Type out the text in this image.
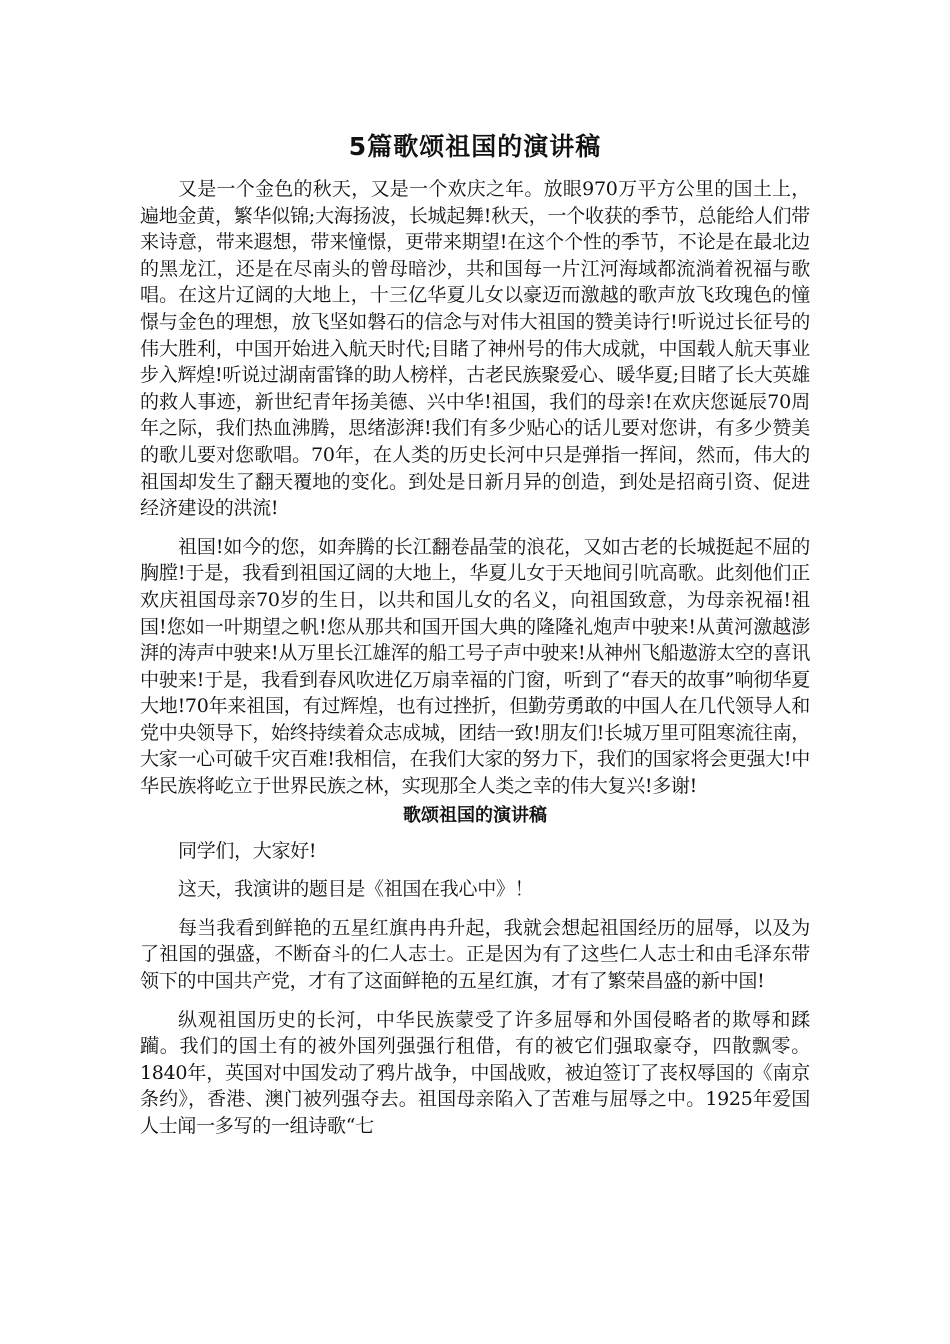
5篇歌颂祖国的演讲稿

又是一个金色的秋天，又是一个欢庆之年。放眼970万平方公里的国土上，遍地金黄，繁华似锦;大海扬波，长城起舞!秋天，一个收获的季节，总能给人们带来诗意，带来遐想，带来憧憬，更带来期望!在这个个性的季节，不论是在最北边的黑龙江，还是在尽南头的曾母暗沙，共和国每一片江河海域都流淌着祝福与歌唱。在这片辽阔的大地上，十三亿华夏儿女以豪迈而激越的歌声放飞玫瑰色的憧憬与金色的理想，放飞坚如磐石的信念与对伟大祖国的赞美诗行!听说过长征号的伟大胜利，中国开始进入航天时代;目睹了神州号的伟大成就，中国载人航天事业步入辉煌!听说过湖南雷锋的助人榜样，古老民族聚爱心、暖华夏;目睹了长大英雄的救人事迹，新世纪青年扬美德、兴中华!祖国，我们的母亲!在欢庆您诞辰70周年之际，我们热血沸腾，思绪澎湃!我们有多少贴心的话儿要对您讲，有多少赞美的歌儿要对您歌唱。70年，在人类的历史长河中只是弹指一挥间，然而，伟大的祖国却发生了翻天覆地的变化。到处是日新月异的创造，到处是招商引资、促进经济建设的洪流!

祖国!如今的您，如奔腾的长江翻卷晶莹的浪花，又如古老的长城挺起不屈的胸膛!于是，我看到祖国辽阔的大地上，华夏儿女于天地间引吭高歌。此刻他们正欢庆祖国母亲70岁的生日，以共和国儿女的名义，向祖国致意，为母亲祝福!祖国!您如一叶期望之帆!您从那共和国开国大典的隆隆礼炮声中驶来!从黄河激越澎湃的涛声中驶来!从万里长江雄浑的船工号子声中驶来!从神州飞船遨游太空的喜讯中驶来!于是，我看到春风吹进亿万扇幸福的门窗，听到了“春天的故事”响彻华夏大地!70年来祖国，有过辉煌，也有过挫折，但勤劳勇敢的中国人在几代领导人和党中央领导下，始终持续着众志成城，团结一致!朋友们!长城万里可阻寒流往南，大家一心可破千灾百难!我相信，在我们大家的努力下，我们的国家将会更强大!中华民族将屹立于世界民族之林，实现那全人类之幸的伟大复兴!多谢!

歌颂祖国的演讲稿

同学们，大家好!

这天，我演讲的题目是《祖国在我心中》！

每当我看到鲜艳的五星红旗冉冉升起，我就会想起祖国经历的屈辱，以及为了祖国的强盛，不断奋斗的仁人志士。正是因为有了这些仁人志士和由毛泽东带领下的中国共产党，才有了这面鲜艳的五星红旗，才有了繁荣昌盛的新中国!

纵观祖国历史的长河，中华民族蒙受了许多屈辱和外国侵略者的欺辱和蹂躏。我们的国土有的被外国列强强行租借，有的被它们强取豪夺，四散飘零。1840年，英国对中国发动了鸦片战争，中国战败，被迫签订了丧权辱国的《南京条约》，香港、澳门被列强夺去。祖国母亲陷入了苦难与屈辱之中。1925年爱国人士闻一多写的一组诗歌“七
